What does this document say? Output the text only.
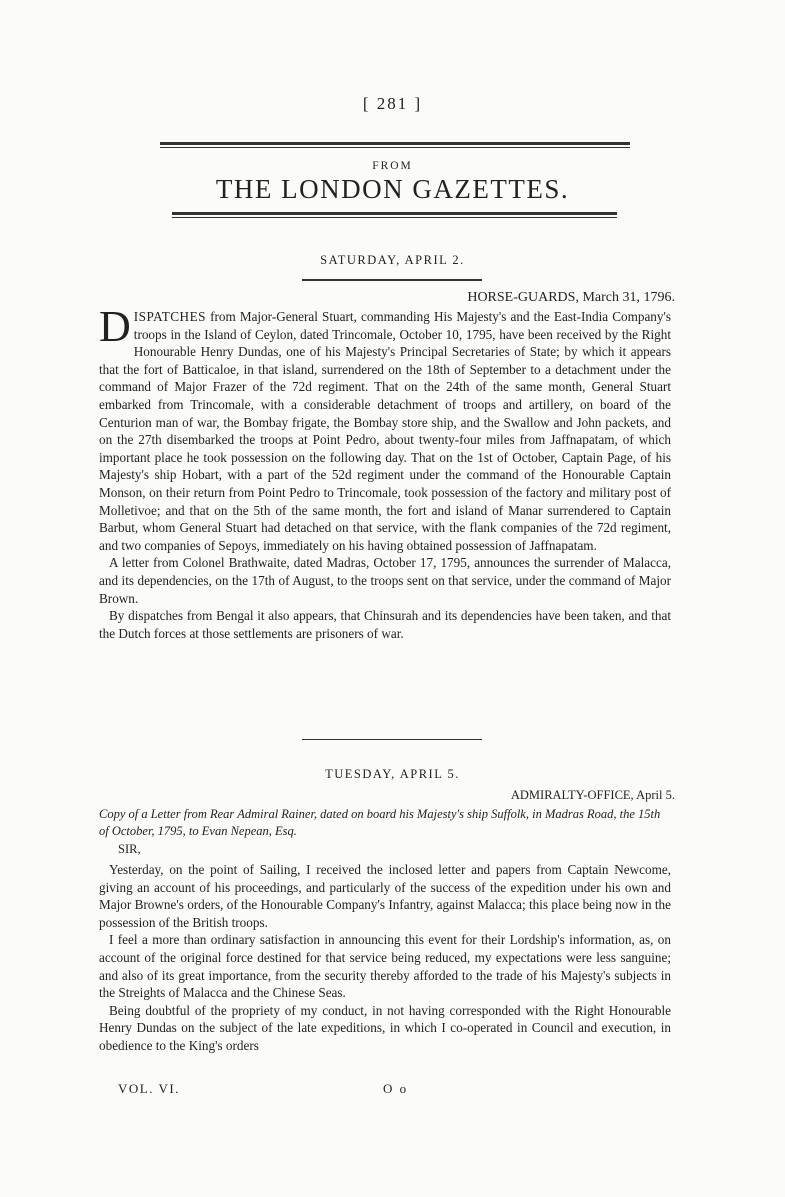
[ 281 ]
FROM
THE LONDON GAZETTES.
SATURDAY, APRIL 2.
HORSE-GUARDS, March 31, 1796.

DISPATCHES from Major-General Stuart, commanding His Majesty's and the East-India Company's troops in the Island of Ceylon, dated Trincomale, October 10, 1795, have been received by the Right Honourable Henry Dundas, one of his Majesty's Principal Secretaries of State; by which it appears that the fort of Batticaloe, in that island, surrendered on the 18th of September to a detachment under the command of Major Frazer of the 72d regiment. That on the 24th of the same month, General Stuart embarked from Trincomale, with a considerable detachment of troops and artillery, on board of the Centurion man of war, the Bombay frigate, the Bombay store ship, and the Swallow and John packets, and on the 27th disembarked the troops at Point Pedro, about twenty-four miles from Jaffnapatam, of which important place he took possession on the following day. That on the 1st of October, Captain Page, of his Majesty's ship Hobart, with a part of the 52d regiment under the command of the Honourable Captain Monson, on their return from Point Pedro to Trincomale, took possession of the factory and military post of Molletivoe; and that on the 5th of the same month, the fort and island of Manar surrendered to Captain Barbut, whom General Stuart had detached on that service, with the flank companies of the 72d regiment, and two companies of Sepoys, immediately on his having obtained possession of Jaffnapatam.

A letter from Colonel Brathwaite, dated Madras, October 17, 1795, announces the surrender of Malacca, and its dependencies, on the 17th of August, to the troops sent on that service, under the command of Major Brown.

By dispatches from Bengal it also appears, that Chinsurah and its dependencies have been taken, and that the Dutch forces at those settlements are prisoners of war.

TUESDAY, APRIL 5.
ADMIRALTY-OFFICE, April 5.
Copy of a Letter from Rear Admiral Rainer, dated on board his Majesty's ship Suffolk, in Madras Road, the 15th of October, 1795, to Evan Nepean, Esq.
SIR,

Yesterday, on the point of Sailing, I received the inclosed letter and papers from Captain Newcome, giving an account of his proceedings, and particularly of the success of the expedition under his own and Major Browne's orders, of the Honourable Company's Infantry, against Malacca; this place being now in the possession of the British troops.

I feel a more than ordinary satisfaction in announcing this event for their Lordship's information, as, on account of the original force destined for that service being reduced, my expectations were less sanguine; and also of its great importance, from the security thereby afforded to the trade of his Majesty's subjects in the Streights of Malacca and the Chinese Seas.

Being doubtful of the propriety of my conduct, in not having corresponded with the Right Honourable Henry Dundas on the subject of the late expeditions, in which I co-operated in Council and execution, in obedience to the King's orders

VOL. VI.	O o
